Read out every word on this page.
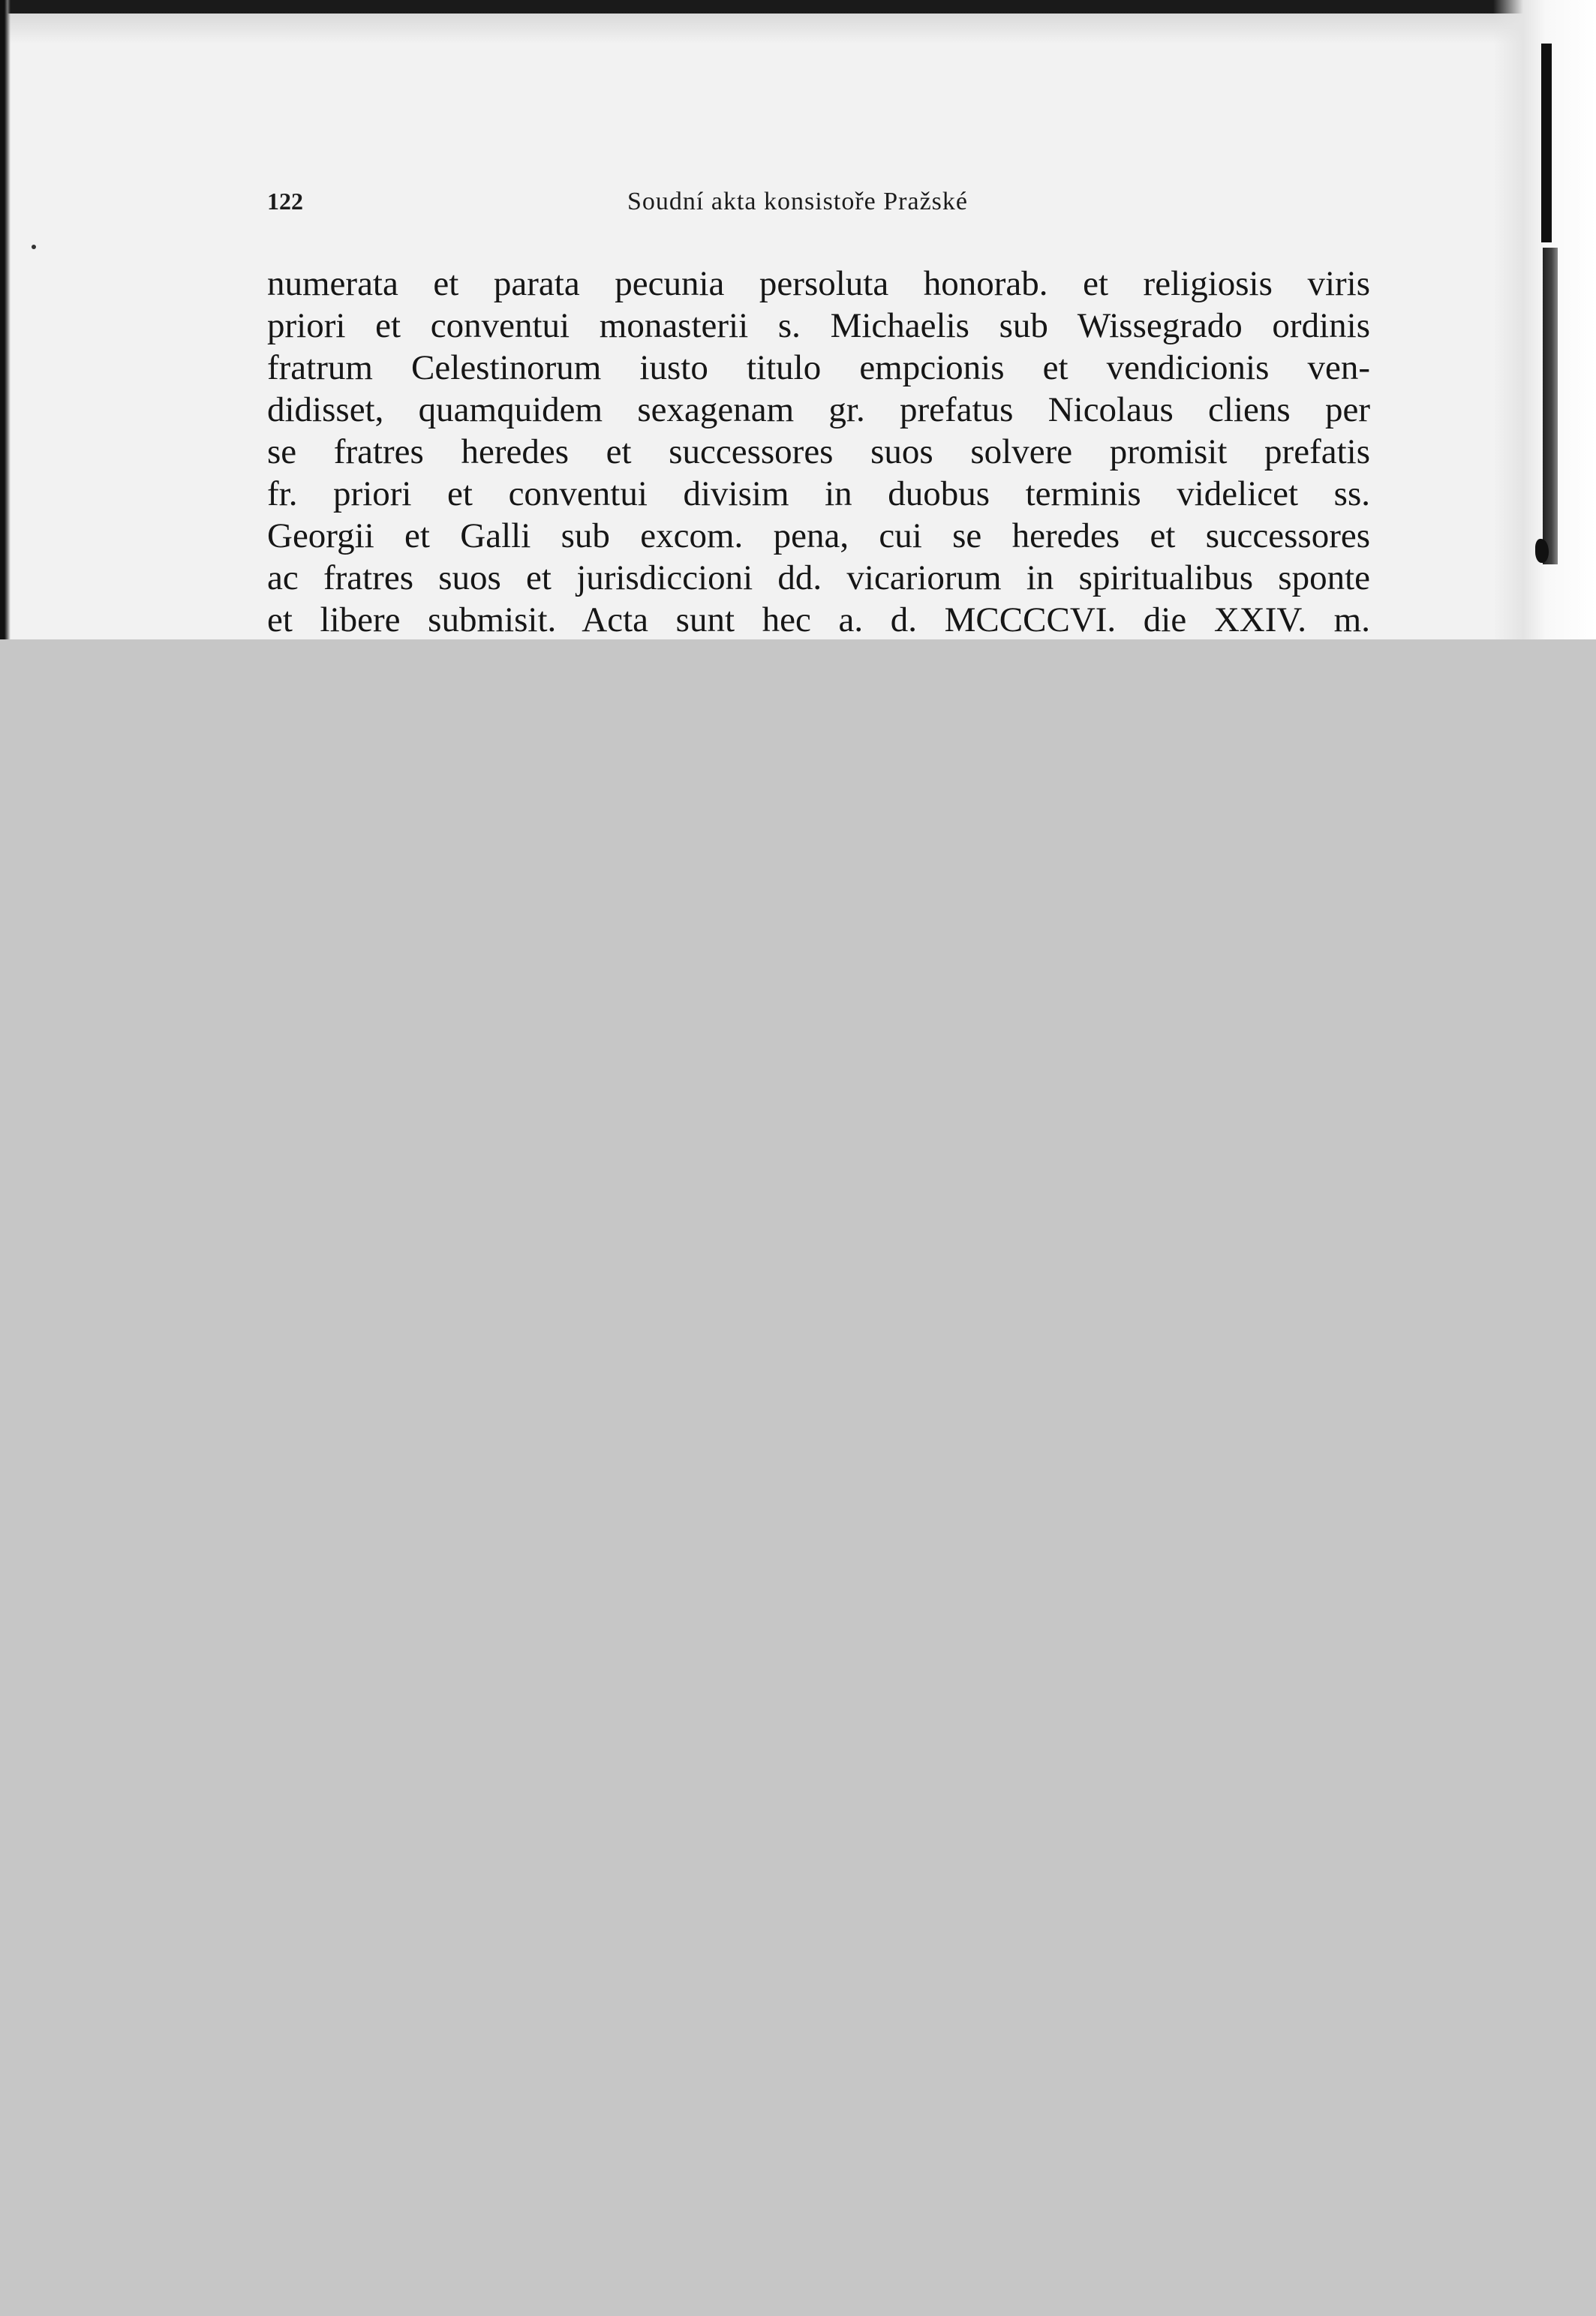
122	Soudní akta konsistoře Pražské
numerata et parata pecunia persoluta honorab. et religiosis viris
priori et conventui monasterii s. Michaelis sub Wissegrado ordinis
fratrum Celestinorum iusto titulo empcionis et vendicionis ven-
didisset, quamquidem sexagenam gr. prefatus Nicolaus cliens per
se fratres heredes et successores suos solvere promisit prefatis
fr. priori et conventui divisim in duobus terminis videlicet ss.
Georgii et Galli sub excom. pena, cui se heredes et successores
ac fratres suos et jurisdiccioni dd. vicariorum in spiritualibus sponte
et libere submisit. Acta sunt hec a. d. MCCCCVI. die XXIV. m.
